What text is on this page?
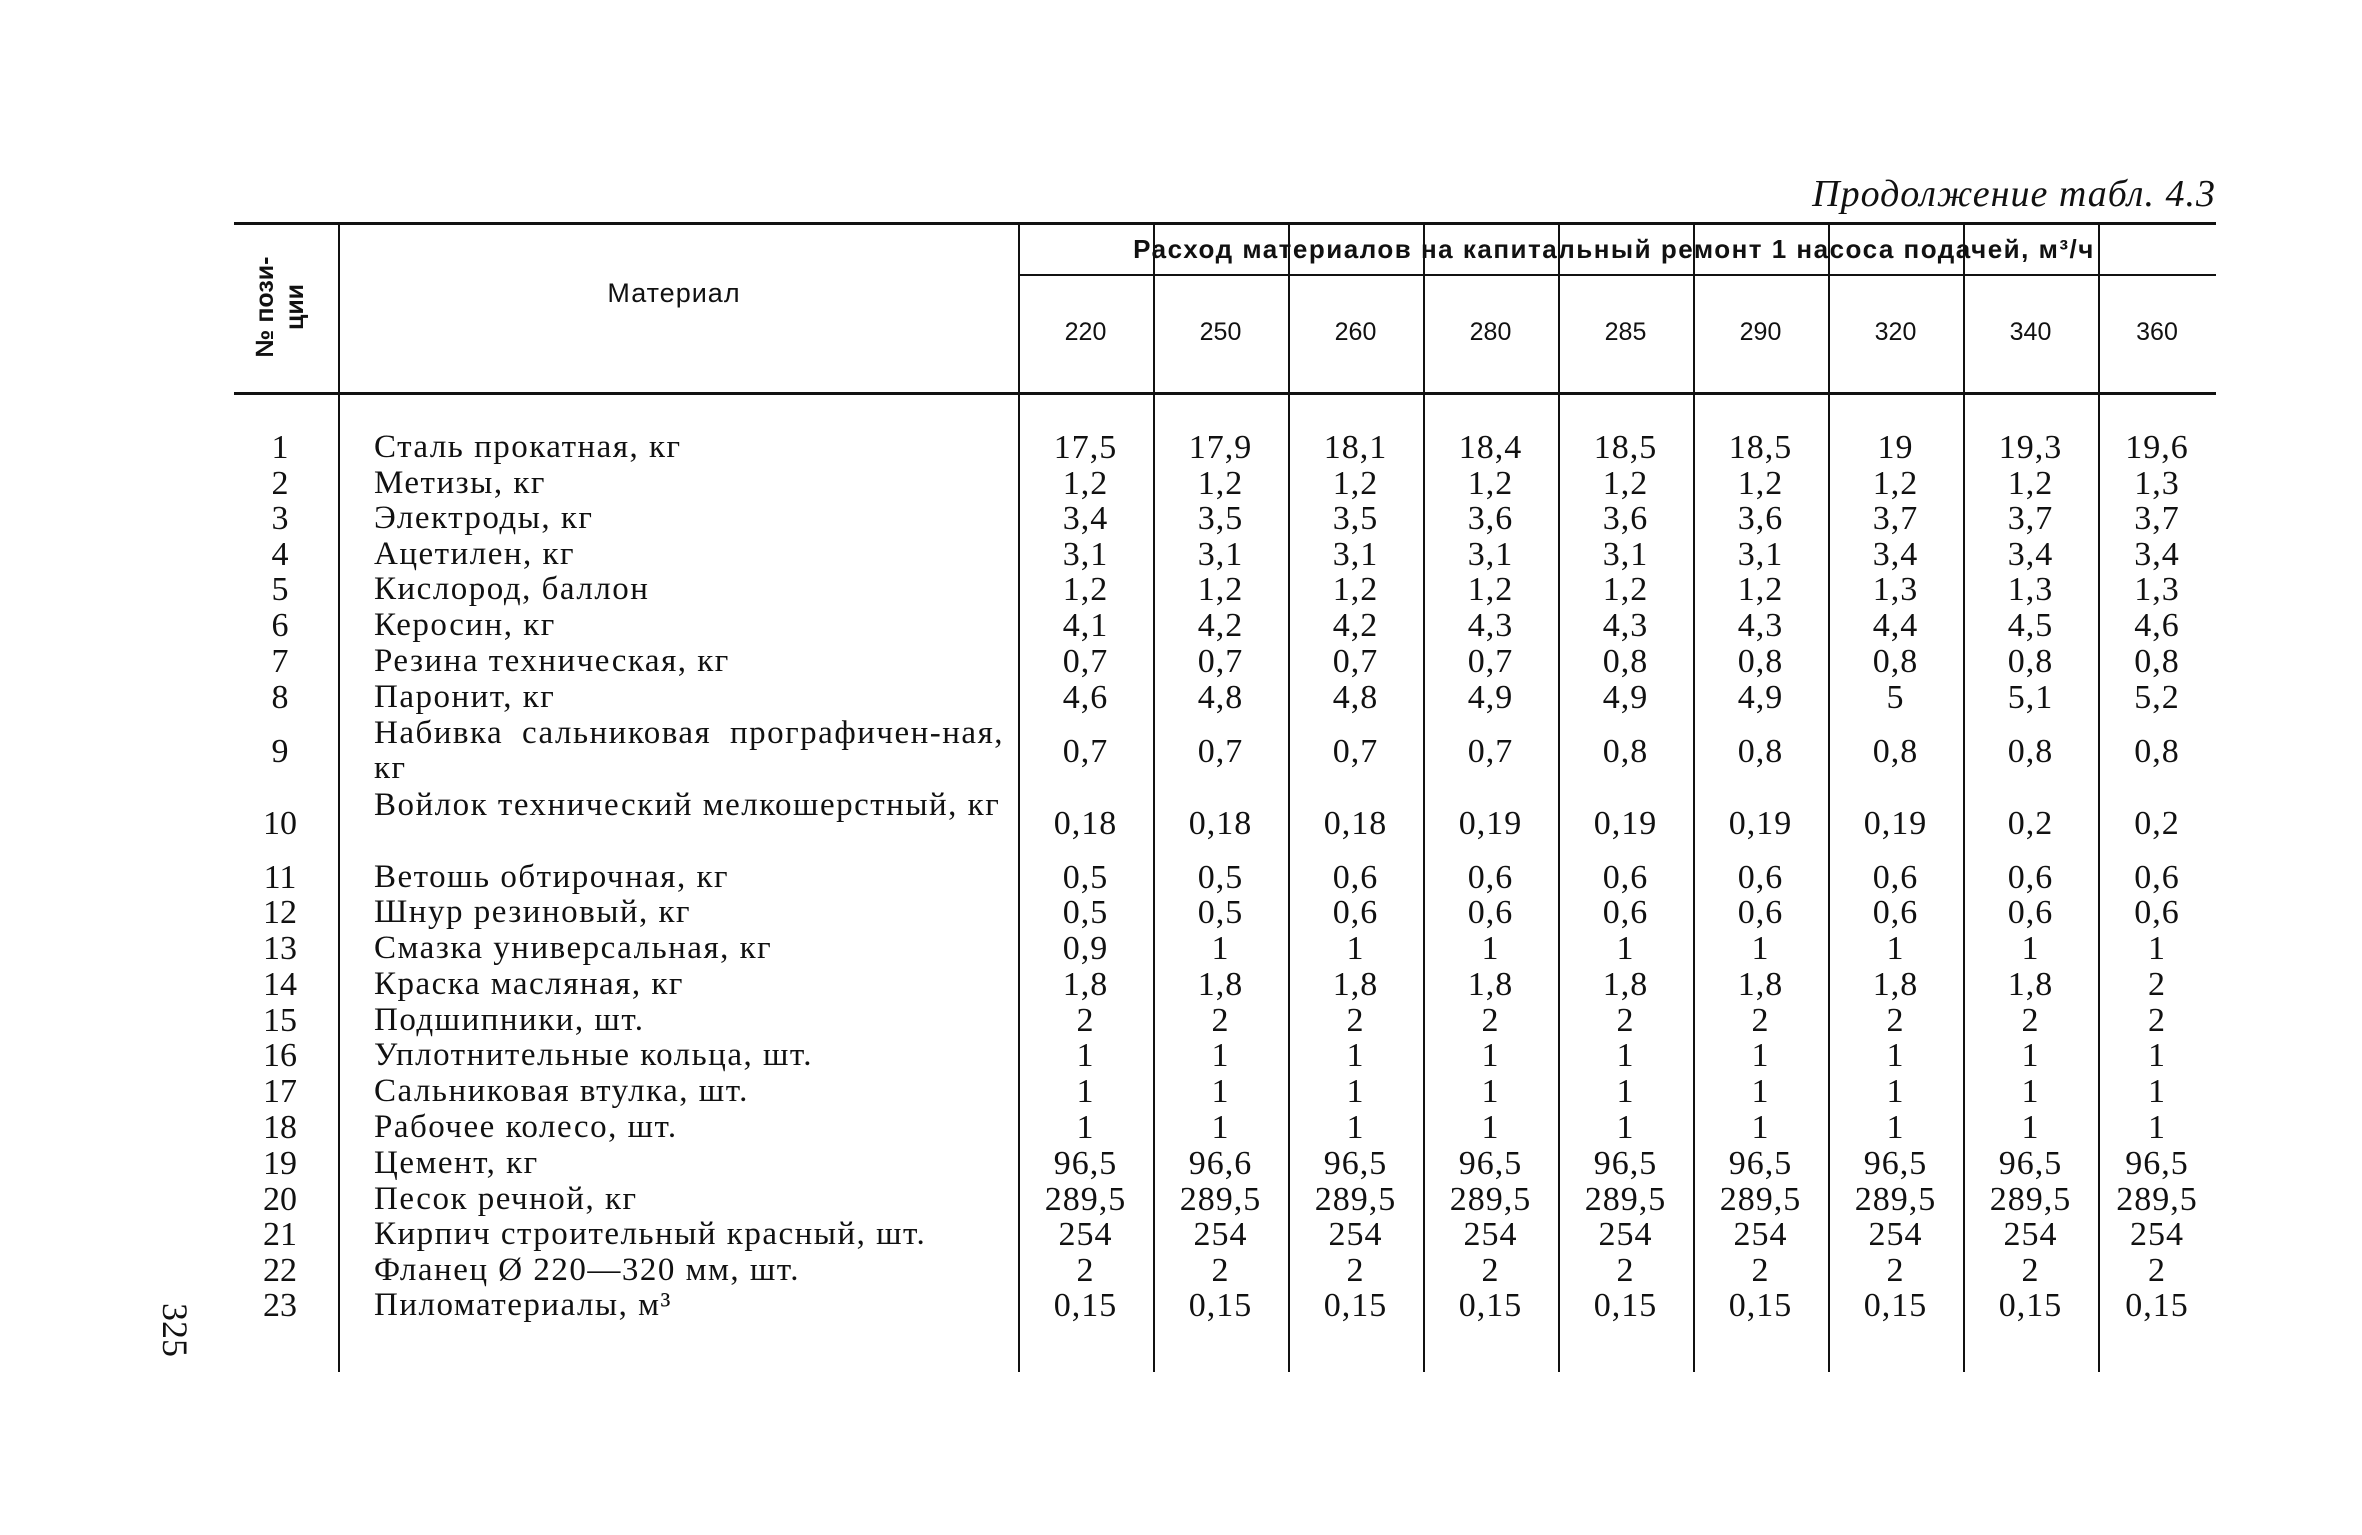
Продолжение табл. 4.3
№ пози-
ции	Материал
Расход материалов на капитальный ремонт 1 насоса подачей, м³/ч
220	250	260	280	285	290	320	340	360
1	Сталь прокатная, кг	17,5	17,9	18,1	18,4	18,5	18,5	19	19,3	19,6
2	Метизы, кг	1,2	1,2	1,2	1,2	1,2	1,2	1,2	1,2	1,3
3	Электроды, кг	3,4	3,5	3,5	3,6	3,6	3,6	3,7	3,7	3,7
4	Ацетилен, кг	3,1	3,1	3,1	3,1	3,1	3,1	3,4	3,4	3,4
5	Кислород, баллон	1,2	1,2	1,2	1,2	1,2	1,2	1,3	1,3	1,3
6	Керосин, кг	4,1	4,2	4,2	4,3	4,3	4,3	4,4	4,5	4,6
7	Резина техническая, кг	0,7	0,7	0,7	0,7	0,8	0,8	0,8	0,8	0,8
8	Паронит, кг	4,6	4,8	4,8	4,9	4,9	4,9	5	5,1	5,2
9	Набивка сальниковая прографичен-ная, кг	0,7	0,7	0,7	0,7	0,8	0,8	0,8	0,8	0,8
10	Войлок технический мелкошерстный, кг	0,18	0,18	0,18	0,19	0,19	0,19	0,19	0,2	0,2
11	Ветошь обтирочная, кг	0,5	0,5	0,6	0,6	0,6	0,6	0,6	0,6	0,6
12	Шнур резиновый, кг	0,5	0,5	0,6	0,6	0,6	0,6	0,6	0,6	0,6
13	Смазка универсальная, кг	0,9	1	1	1	1	1	1	1	1
14	Краска масляная, кг	1,8	1,8	1,8	1,8	1,8	1,8	1,8	1,8	2
15	Подшипники, шт.	2	2	2	2	2	2	2	2	2
16	Уплотнительные кольца, шт.	1	1	1	1	1	1	1	1	1
17	Сальниковая втулка, шт.	1	1	1	1	1	1	1	1	1
18	Рабочее колесо, шт.	1	1	1	1	1	1	1	1	1
19	Цемент, кг	96,5	96,6	96,5	96,5	96,5	96,5	96,5	96,5	96,5
20	Песок речной, кг	289,5	289,5	289,5	289,5	289,5	289,5	289,5	289,5	289,5
21	Кирпич строительный красный, шт.	254	254	254	254	254	254	254	254	254
22	Фланец Ø 220—320 мм, шт.	2	2	2	2	2	2	2	2	2
23	Пиломатериалы, м³	0,15	0,15	0,15	0,15	0,15	0,15	0,15	0,15	0,15
325
